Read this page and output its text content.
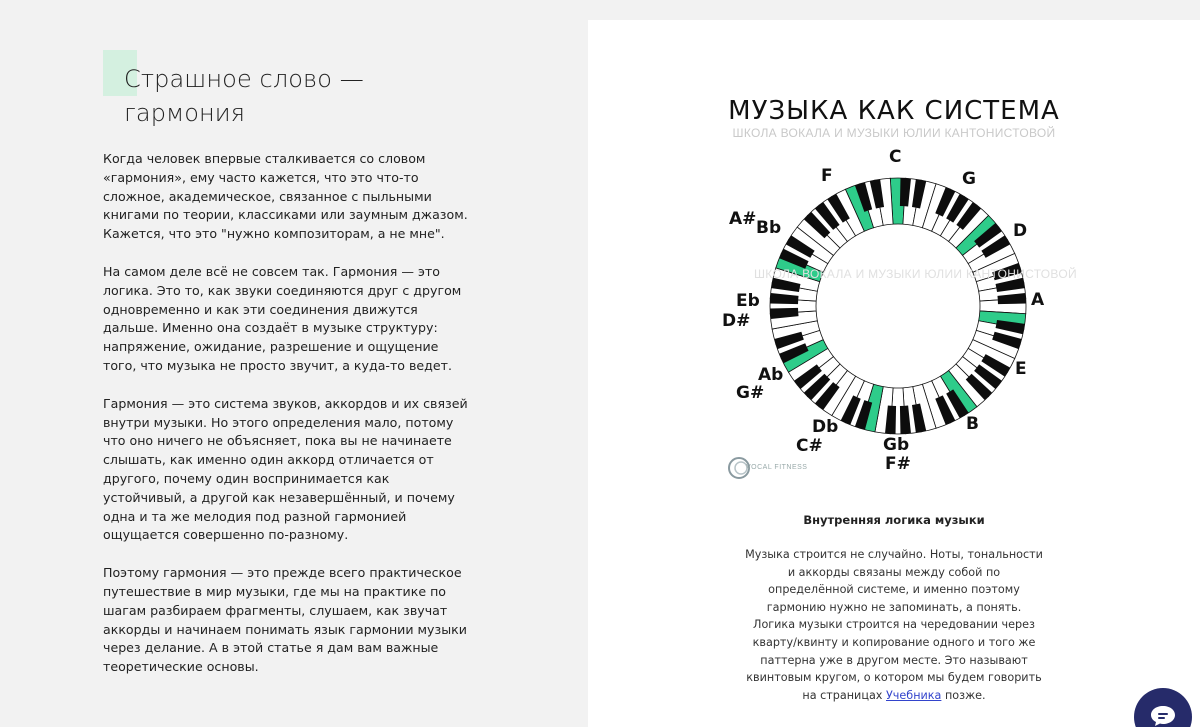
Страшное слово —
гармония

Когда человек впервые сталкивается со словом «гармония», ему часто кажется, что это что-то сложное, академическое, связанное с пыльными книгами по теории, классиками или заумным джазом. Кажется, что это "нужно композиторам, а не мне".

На самом деле всё не совсем так. Гармония — это логика. Это то, как звуки соединяются друг с другом одновременно и как эти соединения движутся дальше. Именно она создаёт в музыке структуру: напряжение, ожидание, разрешение и ощущение того, что музыка не просто звучит, а куда-то ведет.

Гармония — это система звуков, аккордов и их связей внутри музыки. Но этого определения мало, потому что оно ничего не объясняет, пока вы не начинаете слышать, как именно один аккорд отличается от другого, почему один воспринимается как устойчивый, а другой как незавершённый, и почему одна и та же мелодия под разной гармонией ощущается совершенно по-разному.

Поэтому гармония — это прежде всего практическое путешествие в мир музыки, где мы на практике по шагам разбираем фрагменты, слушаем, как звучат аккорды и начинаем понимать язык гармонии музыки через делание. А в этой статье я дам вам важные теоретические основы.

МУЗЫКА КАК СИСТЕМА
ШКОЛА ВОКАЛА И МУЗЫКИ ЮЛИИ КАНТОНИСТОВОЙ
ШКОЛА ВОКАЛА И МУЗЫКИ ЮЛИИ КАНТОНИСТОВОЙ
C
G
D
A
E
B
Gb
F#
Db
C#
Ab
G#
Eb
D#
A# Bb
F
VOCAL FITNESS
Внутренняя логика музыки
Музыка строится не случайно. Ноты, тональности и аккорды связаны между собой по определённой системе, и именно поэтому гармонию нужно не запоминать, а понять. Логика музыки строится на чередовании через кварту/квинту и копирование одного и того же паттерна уже в другом месте. Это называют квинтовым кругом, о котором мы будем говорить на страницах Учебника позже.
